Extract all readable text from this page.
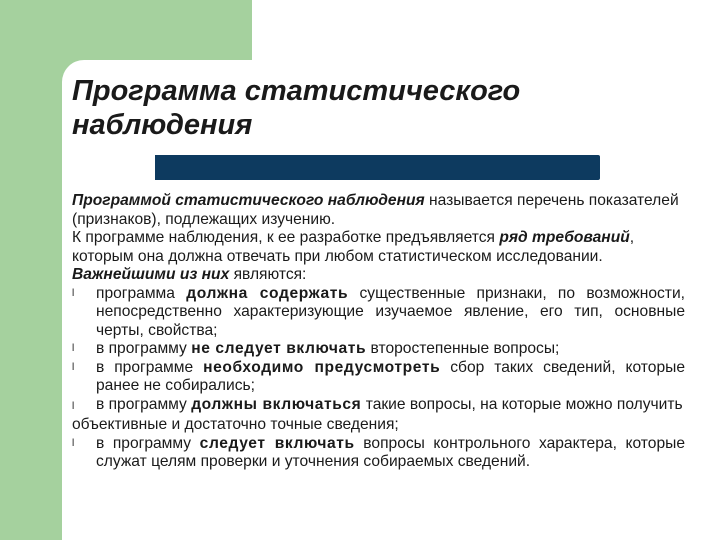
Программа статистического
наблюдения

Программой статистического наблюдения называется перечень показателей (признаков), подлежащих изучению.
К программе наблюдения, к ее разработке предъявляется ряд требований, которым она должна отвечать при любом статистическом исследовании. Важнейшими из них являются:

l	программа должна содержать существенные признаки, по возможности, непосредственно характеризующие изучаемое явление, его тип, основные черты, свойства;
l	в программу не следует включать второстепенные вопросы;
l	в программе необходимо предусмотреть сбор таких сведений, которые ранее не собирались;

l в программу должны включаться такие вопросы, на которые можно получить объективные и достаточно точные сведения;

l	в программу следует включать вопросы контрольного характера, которые служат целям проверки и уточнения собираемых сведений.
